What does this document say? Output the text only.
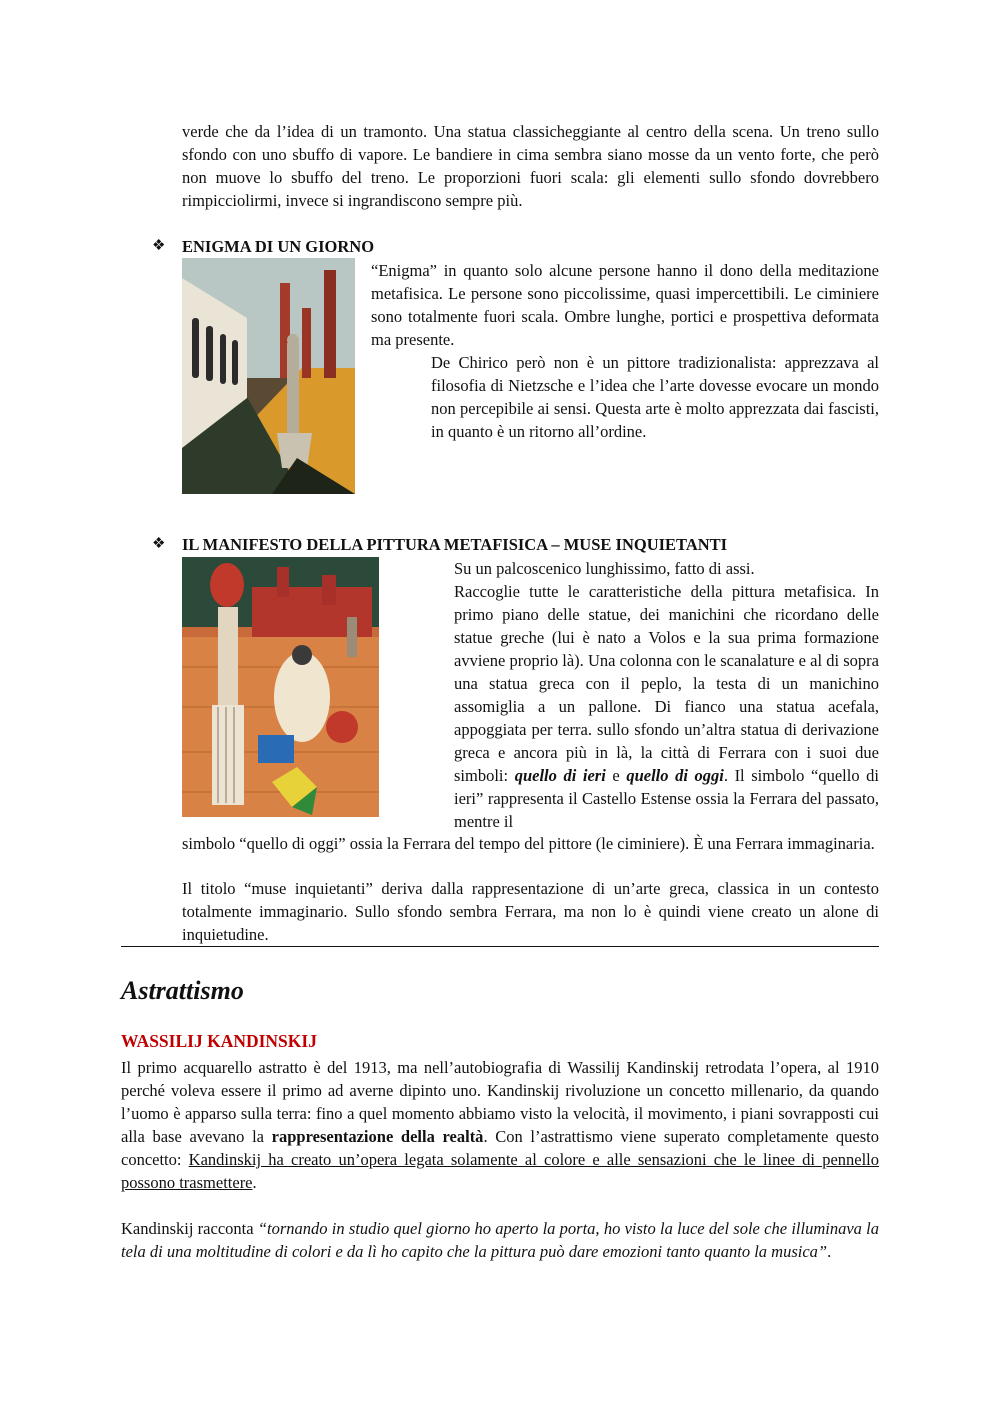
verde che da l’idea di un tramonto. Una statua classicheggiante al centro della scena. Un treno sullo sfondo con uno sbuffo di vapore. Le bandiere in cima sembra siano mosse da un vento forte, che però non muove lo sbuffo del treno. Le proporzioni fuori scala: gli elementi sullo sfondo dovrebbero rimpicciolirmi, invece si ingrandiscono sempre più.

❖ ENIGMA DI UN GIORNO

“Enigma” in quanto solo alcune persone hanno il dono della meditazione metafisica. Le persone sono piccolissime, quasi impercettibili. Le ciminiere sono totalmente fuori scala. Ombre lunghe, portici e prospettiva deformata ma presente.

De Chirico però non è un pittore tradizionalista: apprezzava al filosofia di Nietzsche e l’idea che l’arte dovesse evocare un mondo non percepibile ai sensi. Questa arte è molto apprezzata dai fascisti, in quanto è un ritorno all’ordine.

❖ IL MANIFESTO DELLA PITTURA METAFISICA – MUSE INQUIETANTI
Su un palcoscenico lunghissimo, fatto di assi.

Raccoglie tutte le caratteristiche della pittura metafisica. In primo piano delle statue, dei manichini che ricordano delle statue greche (lui è nato a Volos e la sua prima formazione avviene proprio là). Una colonna con le scanalature e al di sopra una statua greca con il peplo, la testa di un manichino assomiglia a un pallone. Di fianco una statua acefala, appoggiata per terra. sullo sfondo un’altra statua di derivazione greca e ancora più in là, la città di Ferrara con i suoi due simboli: quello di ieri e quello di oggi. Il simbolo “quello di ieri” rappresenta il Castello Estense ossia la Ferrara del passato, mentre il

simbolo “quello di oggi” ossia la Ferrara del tempo del pittore (le ciminiere). È una Ferrara immaginaria.

Il titolo “muse inquietanti” deriva dalla rappresentazione di un’arte greca, classica in un contesto totalmente immaginario. Sullo sfondo sembra Ferrara, ma non lo è quindi viene creato un alone di inquietudine.

Astrattismo
WASSILIJ KANDINSKIJ

Il primo acquarello astratto è del 1913, ma nell’autobiografia di Wassilij Kandinskij retrodata l’opera, al 1910 perché voleva essere il primo ad averne dipinto uno. Kandinskij rivoluzione un concetto millenario, da quando l’uomo è apparso sulla terra: fino a quel momento abbiamo visto la velocità, il movimento, i piani sovrapposti cui alla base avevano la rappresentazione della realtà. Con l’astrattismo viene superato completamente questo concetto: Kandinskij ha creato un’opera legata solamente al colore e alle sensazioni che le linee di pennello possono trasmettere.

Kandinskij racconta “tornando in studio quel giorno ho aperto la porta, ho visto la luce del sole che illuminava la tela di una moltitudine di colori e da lì ho capito che la pittura può dare emozioni tanto quanto la musica”.
